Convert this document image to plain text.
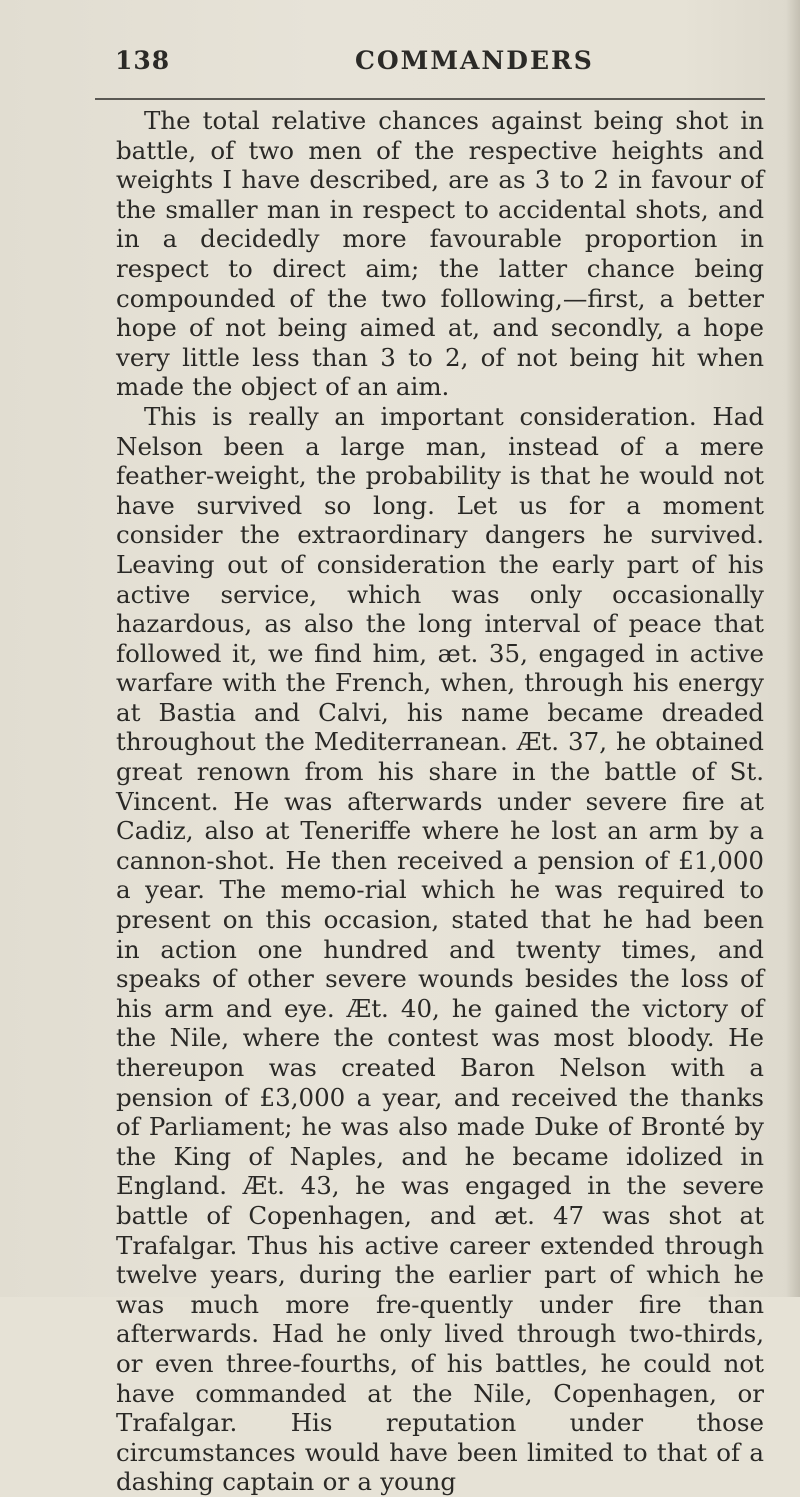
138	COMMANDERS

The total relative chances against being shot in battle, of two men of the respective heights and weights I have described, are as 3 to 2 in favour of the smaller man in respect to accidental shots, and in a decidedly more favourable proportion in respect to direct aim; the latter chance being compounded of the two following,—first, a better hope of not being aimed at, and secondly, a hope very little less than 3 to 2, of not being hit when made the object of an aim.

This is really an important consideration. Had Nelson been a large man, instead of a mere feather-weight, the probability is that he would not have survived so long. Let us for a moment consider the extraordinary dangers he survived. Leaving out of consideration the early part of his active service, which was only occasionally hazardous, as also the long interval of peace that followed it, we find him, æt. 35, engaged in active warfare with the French, when, through his energy at Bastia and Calvi, his name became dreaded throughout the Mediterranean. Æt. 37, he obtained great renown from his share in the battle of St. Vincent. He was afterwards under severe fire at Cadiz, also at Teneriffe where he lost an arm by a cannon-shot. He then received a pension of £1,000 a year. The memo-rial which he was required to present on this occasion, stated that he had been in action one hundred and twenty times, and speaks of other severe wounds besides the loss of his arm and eye. Æt. 40, he gained the victory of the Nile, where the contest was most bloody. He thereupon was created Baron Nelson with a pension of £3,000 a year, and received the thanks of Parliament; he was also made Duke of Bronté by the King of Naples, and he became idolized in England. Æt. 43, he was engaged in the severe battle of Copenhagen, and æt. 47 was shot at Trafalgar. Thus his active career extended through twelve years, during the earlier part of which he was much more fre-quently under fire than afterwards. Had he only lived through two-thirds, or even three-fourths, of his battles, he could not have commanded at the Nile, Copenhagen, or Trafalgar. His reputation under those circumstances would have been limited to that of a dashing captain or a young
